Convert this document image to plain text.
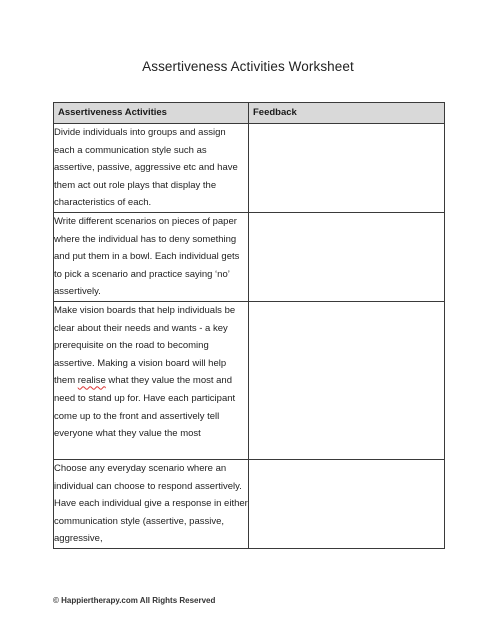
Assertiveness Activities Worksheet
Assertiveness Activities	Feedback

Divide individuals into groups and assign each a communication style such as assertive, passive, aggressive etc and have them act out role plays that display the characteristics of each.	

Write different scenarios on pieces of paper where the individual has to deny something and put them in a bowl. Each individual gets to pick a scenario and practice saying ‘no’ assertively.	

Make vision boards that help individuals be clear about their needs and wants - a key prerequisite on the road to becoming assertive. Making a vision board will help them realise what they value the most and need to stand up for. Have each participant come up to the front and assertively tell everyone what they value the most	

Choose any everyday scenario where an individual can choose to respond assertively. Have each individual give a response in either communication style (assertive, passive, aggressive,	

© Happiertherapy.com All Rights Reserved
